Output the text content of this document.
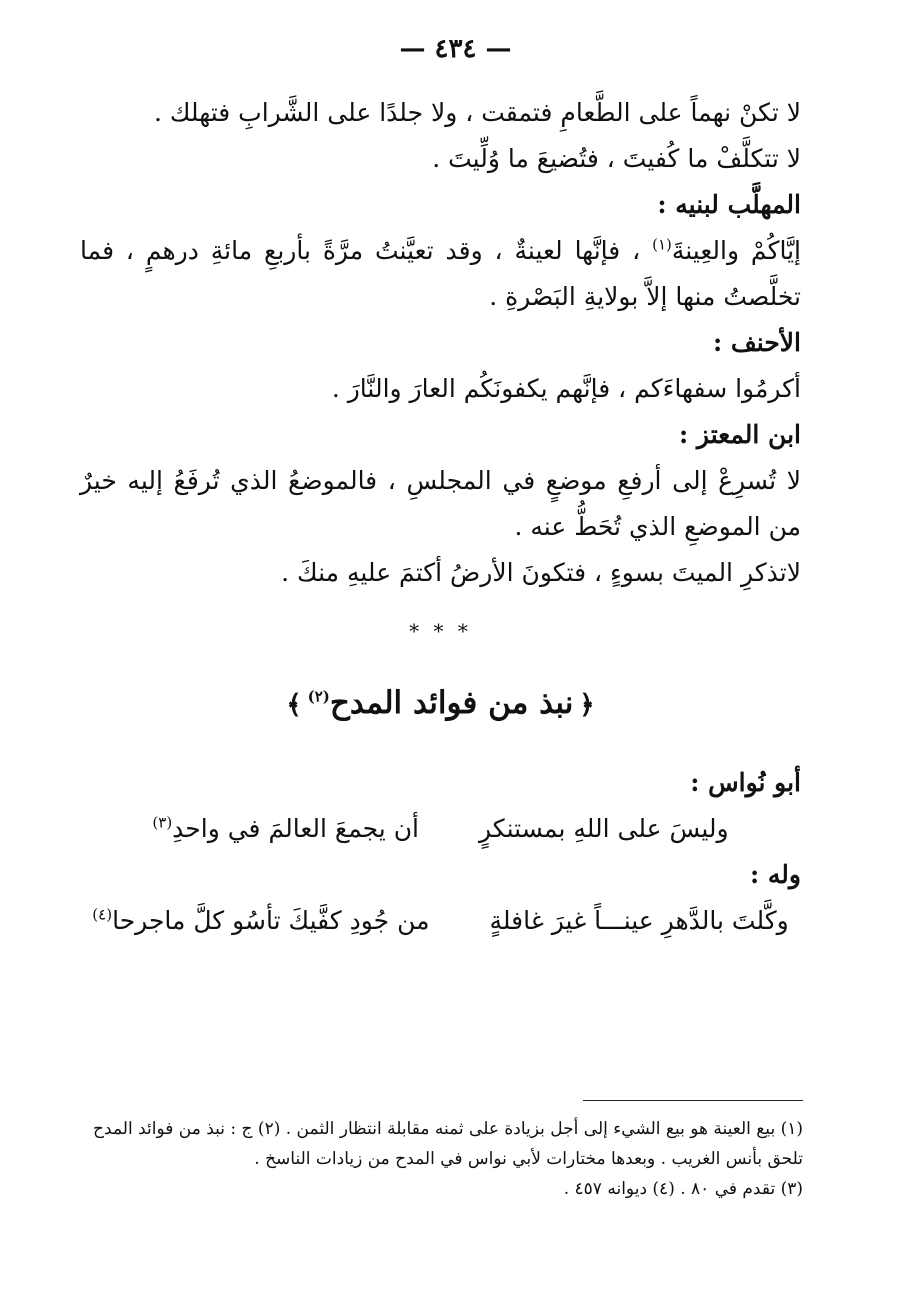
— ٤٣٤ —
لا تكنْ نهماً على الطَّعامِ فتمقت ، ولا جلدًا على الشَّرابِ فتهلك .
لا تتكلَّفْ ما كُفيتَ ، فتُضيعَ ما وُلِّيتَ .
المهلَّب لبنيه :
إيَّاكُمْ والعِينةَ$^{(١)}$ ، فإنَّها لعينةٌ ، وقد تعيَّنتُ مرَّةً بأربعِ مائةِ درهمٍ ، فما تخلَّصتُ منها إلاَّ بولايةِ البَصْرةِ .
الأحنف :
أكرمُوا سفهاءَكم ، فإنَّهم يكفونَكُم العارَ والنَّارَ .
ابن المعتز :
لا تُسرِعْ إلى أرفعِ موضعٍ في المجلسِ ، فالموضعُ الذي تُرفَعُ إليه خيرٌ من الموضعِ الذي تُحَطُّ عنه .
لاتذكرِ الميتَ بسوءٍ ، فتكونَ الأرضُ أكتمَ عليهِ منكَ .
* * *
﴿نبذ من فوائد المدح$^{(٢)}$﴾
أبو نُواس :
وليسَ على اللهِ بمستنكرٍ
أن يجمعَ العالمَ في واحدِ$^{(٣)}$
وله :
وكَّلتَ بالدَّهرِ عينـــاً غيرَ غافلةٍ
من جُودِ كفَّيكَ تأسُو كلَّ ماجرحا$^{(٤)}$
(١) بيع العينة هو بيع الشيء إلى أجل بزيادة على ثمنه مقابلة انتظار الثمن . (٢) ج : نبذ من فوائد المدح تلحق بأنس الغريب . وبعدها مختارات لأبي نواس في المدح من زيادات الناسخ .
(٣) تقدم في ٨٠ . (٤) ديوانه ٤٥٧ .
